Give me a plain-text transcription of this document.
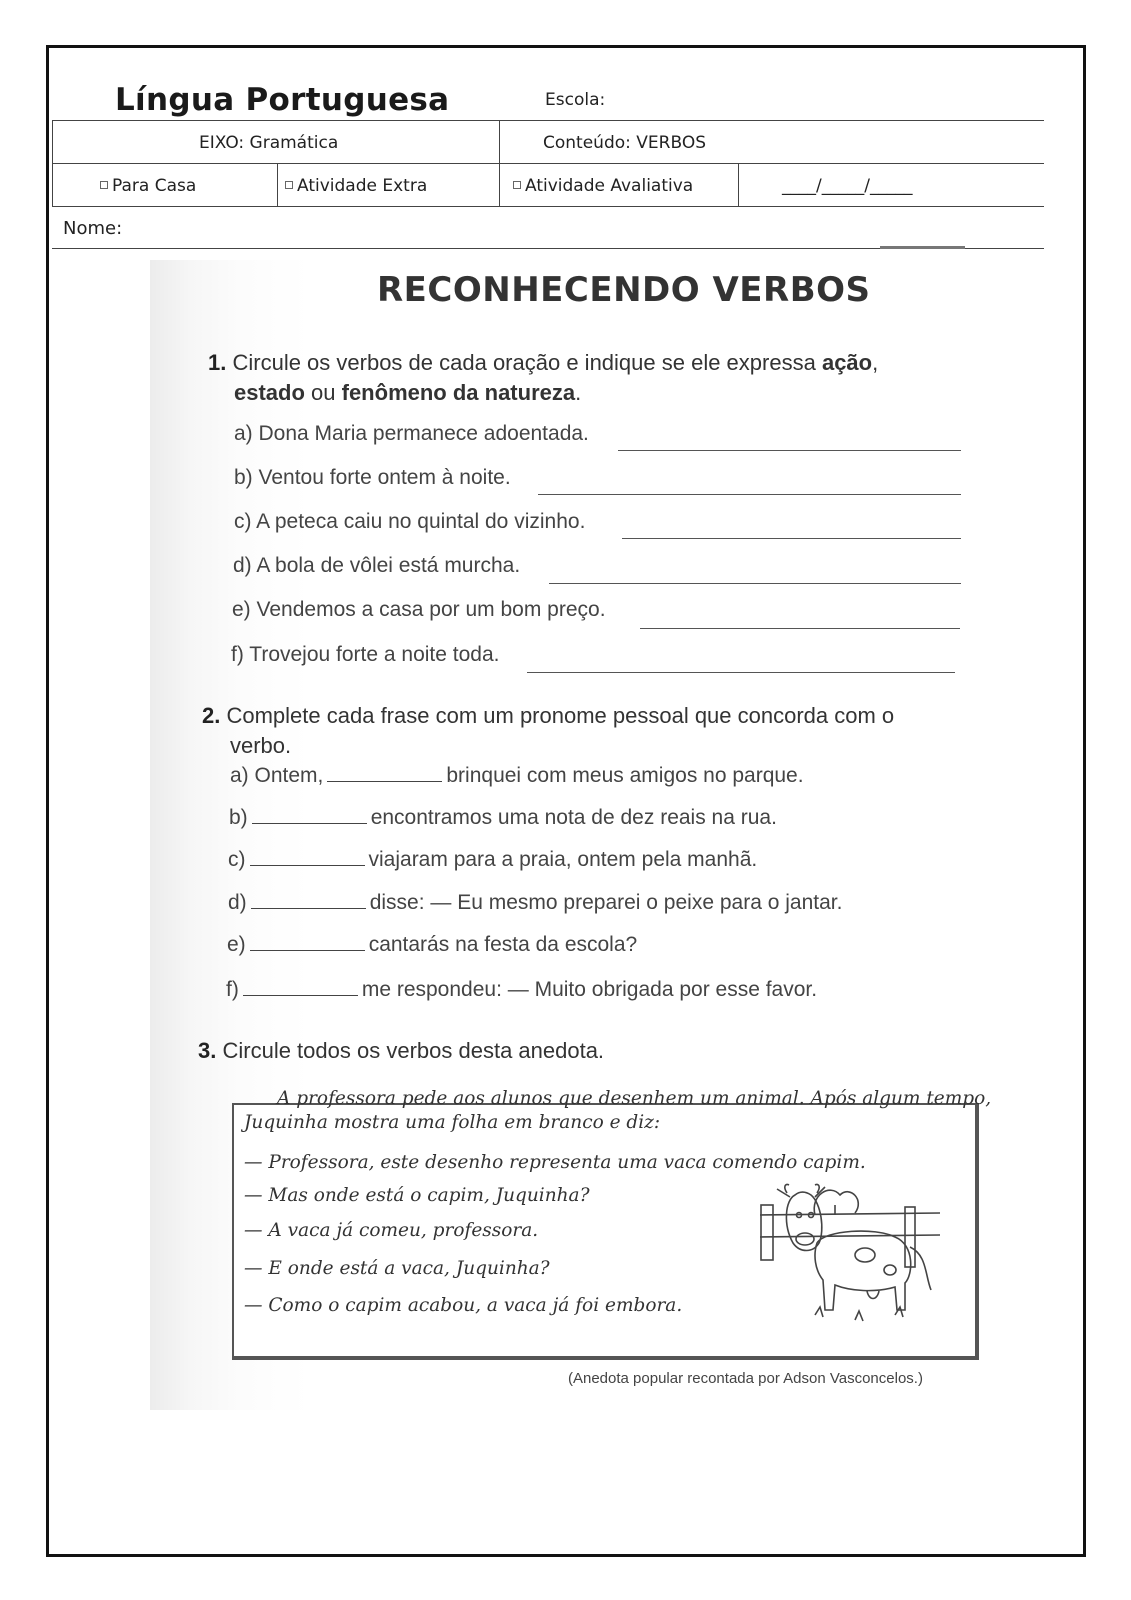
Língua Portuguesa	Escola:
EIXO: Gramática	Conteúdo: VERBOS
Para Casa	Atividade Extra	Atividade Avaliativa	____/_____/_____
Nome:
RECONHECENDO VERBOS
1. Circule os verbos de cada oração e indique se ele expressa ação,
estado ou fenômeno da natureza.
a) Dona Maria permanece adoentada.
b) Ventou forte ontem à noite.
c) A peteca caiu no quintal do vizinho.
d) A bola de vôlei está murcha.
e) Vendemos a casa por um bom preço.
f) Trovejou forte a noite toda.
2. Complete cada frase com um pronome pessoal que concorda com o
verbo.
a) Ontem,	brinquei com meus amigos no parque.
b)	encontramos uma nota de dez reais na rua.
c)	viajaram para a praia, ontem pela manhã.
d)	disse: — Eu mesmo preparei o peixe para o jantar.
e)	cantarás na festa da escola?
f)	me respondeu: — Muito obrigada por esse favor.
3. Circule todos os verbos desta anedota.
A professora pede aos alunos que desenhem um animal. Após algum tempo,
Juquinha mostra uma folha em branco e diz:
— Professora, este desenho representa uma vaca comendo capim.
— Mas onde está o capim, Juquinha?
— A vaca já comeu, professora.
— E onde está a vaca, Juquinha?
— Como o capim acabou, a vaca já foi embora.
(Anedota popular recontada por Adson Vasconcelos.)
